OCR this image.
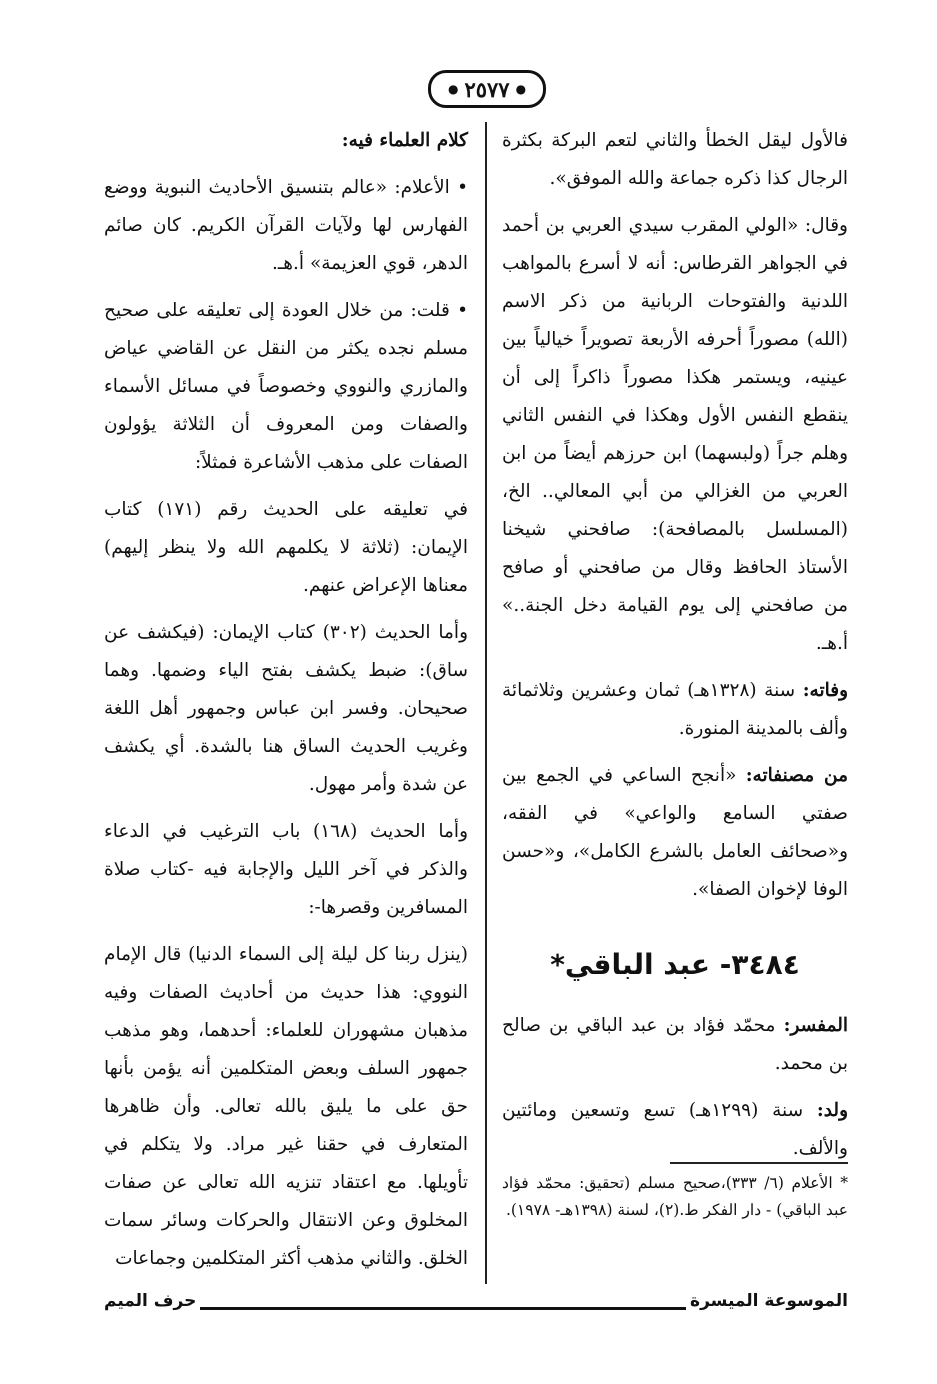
● ٢٥٧٧ ●

فالأول ليقل الخطأ والثاني لتعم البركة بكثرة الرجال كذا ذكره جماعة والله الموفق».

وقال: «الولي المقرب سيدي العربي بن أحمد في الجواهر القرطاس: أنه لا أسرع بالمواهب اللدنية والفتوحات الربانية من ذكر الاسم (الله) مصوراً أحرفه الأربعة تصويراً خيالياً بين عينيه، ويستمر هكذا مصوراً ذاكراً إلى أن ينقطع النفس الأول وهكذا في النفس الثاني وهلم جراً (ولبسهما) ابن حرزهم أيضاً من ابن العربي من الغزالي من أبي المعالي.. الخ، (المسلسل بالمصافحة): صافحني شيخنا الأستاذ الحافظ وقال من صافحني أو صافح من صافحني إلى يوم القيامة دخل الجنة..» أ.هـ.

وفاته: سنة (١٣٢٨هـ) ثمان وعشرين وثلاثمائة وألف بالمدينة المنورة.

من مصنفاته: «أنجح الساعي في الجمع بين صفتي السامع والواعي» في الفقه، و«صحائف العامل بالشرع الكامل»، و«حسن الوفا لإخوان الصفا».

٣٤٨٤- عبد الباقي*

المفسر: محمّد فؤاد بن عبد الباقي بن صالح بن محمد.

ولد: سنة (١٢٩٩هـ) تسع وتسعين ومائتين والألف.

كلام العلماء فيه:

• الأعلام: «عالم بتنسيق الأحاديث النبوية ووضع الفهارس لها ولآيات القرآن الكريم. كان صائم الدهر، قوي العزيمة» أ.هـ.

• قلت: من خلال العودة إلى تعليقه على صحيح مسلم نجده يكثر من النقل عن القاضي عياض والمازري والنووي وخصوصاً في مسائل الأسماء والصفات ومن المعروف أن الثلاثة يؤولون الصفات على مذهب الأشاعرة فمثلاً:

في تعليقه على الحديث رقم (١٧١) كتاب الإيمان: (ثلاثة لا يكلمهم الله ولا ينظر إليهم) معناها الإعراض عنهم.

وأما الحديث (٣٠٢) كتاب الإيمان: (فيكشف عن ساق): ضبط يكشف بفتح الياء وضمها. وهما صحيحان. وفسر ابن عباس وجمهور أهل اللغة وغريب الحديث الساق هنا بالشدة. أي يكشف عن شدة وأمر مهول.

وأما الحديث (١٦٨) باب الترغيب في الدعاء والذكر في آخر الليل والإجابة فيه -كتاب صلاة المسافرين وقصرها-:

(ينزل ربنا كل ليلة إلى السماء الدنيا) قال الإمام النووي: هذا حديث من أحاديث الصفات وفيه مذهبان مشهوران للعلماء: أحدهما، وهو مذهب جمهور السلف وبعض المتكلمين أنه يؤمن بأنها حق على ما يليق بالله تعالى. وأن ظاهرها المتعارف في حقنا غير مراد. ولا يتكلم في تأويلها. مع اعتقاد تنزيه الله تعالى عن صفات المخلوق وعن الانتقال والحركات وسائر سمات الخلق. والثاني مذهب أكثر المتكلمين وجماعات

* الأعلام (٦/ ٣٣٣)،صحيح مسلم (تحقيق: محمّد فؤاد عبد الباقي) - دار الفكر ط.(٢)، لسنة (١٣٩٨هـ- ١٩٧٨).
الموسوعة الميسرة
حرف الميم
